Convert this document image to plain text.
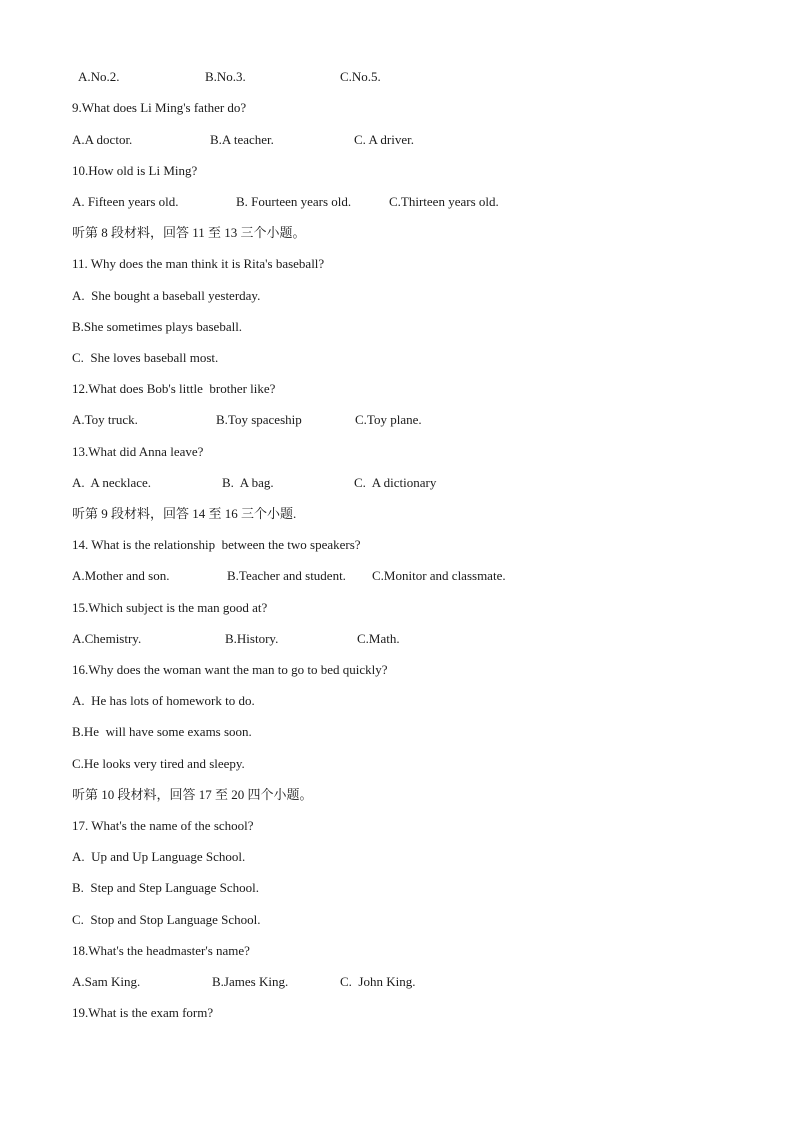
A.No.2.	B.No.3.	C.No.5.
9.What does Li Ming's father do?
A.A doctor.	B.A teacher.	C. A driver.
10.How old is Li Ming?
A. Fifteen years old.	B. Fourteen years old.	C.Thirteen years old.
听第 8 段材料，回答 11 至 13 三个小题。
11. Why does the man think it is Rita's baseball?
A.  She bought a baseball yesterday.
B.She sometimes plays baseball.
C.  She loves baseball most.
12.What does Bob's little  brother like?
A.Toy truck.	B.Toy spaceship	C.Toy plane.
13.What did Anna leave?
A.  A necklace.	B.  A bag.	C.  A dictionary
听第 9 段材料，回答 14 至 16 三个小题.
14. What is the relationship  between the two speakers?
A.Mother and son.	B.Teacher and student. C.Monitor and classmate.
15.Which subject is the man good at?
A.Chemistry.	B.History.	C.Math.
16.Why does the woman want the man to go to bed quickly?
A.  He has lots of homework to do.
B.He  will have some exams soon.
C.He looks very tired and sleepy.
听第 10 段材料，回答 17 至 20 四个小题。
17. What's the name of the school?
A.  Up and Up Language School.
B.  Step and Step Language School.
C.  Stop and Stop Language School.
18.What's the headmaster's name?
A.Sam King.	B.James King.	C.  John King.
19.What is the exam form?
